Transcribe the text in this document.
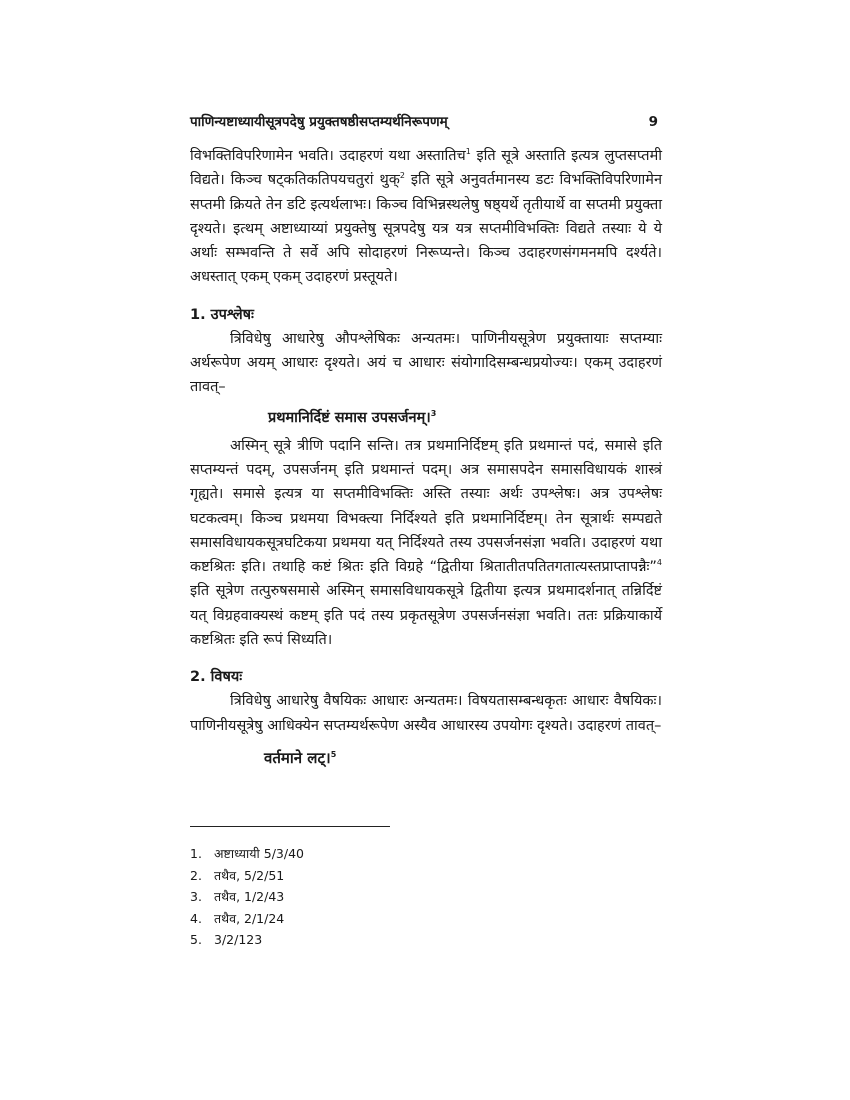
पाणिन्यष्टाध्यायीसूत्रपदेषु प्रयुक्तषष्ठीसप्तम्यर्थनिरूपणम्	9

विभक्तिविपरिणामेन भवति। उदाहरणं यथा अस्तातिच$^1$ इति सूत्रे अस्ताति इत्यत्र लुप्तसप्तमी विद्यते। किञ्च षट्कतिकतिपयचतुरां थुक्$^2$ इति सूत्रे अनुवर्तमानस्य डटः विभक्तिविपरिणामेन सप्तमी क्रियते तेन डटि इत्यर्थलाभः। किञ्च विभिन्नस्थलेषु षष्ठ्यर्थे तृतीयार्थे वा सप्तमी प्रयुक्ता दृश्यते। इत्थम् अष्टाध्याय्यां प्रयुक्तेषु सूत्रपदेषु यत्र यत्र सप्तमीविभक्तिः विद्यते तस्याः ये ये अर्थाः सम्भवन्ति ते सर्वे अपि सोदाहरणं निरूप्यन्ते। किञ्च उदाहरणसंगमनमपि दर्श्यते। अधस्तात् एकम् एकम् उदाहरणं प्रस्तूयते।

1. उपश्लेषः

त्रिविधेषु आधारेषु औपश्लेषिकः अन्यतमः। पाणिनीयसूत्रेण प्रयुक्तायाः सप्तम्याः अर्थरूपेण अयम् आधारः दृश्यते। अयं च आधारः संयोगादिसम्बन्धप्रयोज्यः। एकम् उदाहरणं तावत्–

प्रथमानिर्दिष्टं समास उपसर्जनम्।$^3$

अस्मिन् सूत्रे त्रीणि पदानि सन्ति। तत्र प्रथमानिर्दिष्टम् इति प्रथमान्तं पदं, समासे इति सप्तम्यन्तं पदम्, उपसर्जनम् इति प्रथमान्तं पदम्। अत्र समासपदेन समासविधायकं शास्त्रं गृह्यते। समासे इत्यत्र या सप्तमीविभक्तिः अस्ति तस्याः अर्थः उपश्लेषः। अत्र उपश्लेषः घटकत्वम्। किञ्च प्रथमया विभक्त्या निर्दिश्यते इति प्रथमानिर्दिष्टम्। तेन सूत्रार्थः सम्पद्यते समासविधायकसूत्रघटिकया प्रथमया यत् निर्दिश्यते तस्य उपसर्जनसंज्ञा भवति। उदाहरणं यथा कष्टश्रितः इति। तथाहि कष्टं श्रितः इति विग्रहे “द्वितीया श्रितातीतपतितगतात्यस्तप्राप्तापन्नैः”$^4$ इति सूत्रेण तत्पुरुषसमासे अस्मिन् समासविधायकसूत्रे द्वितीया इत्यत्र प्रथमादर्शनात् तन्निर्दिष्टं यत् विग्रहवाक्यस्थं कष्टम् इति पदं तस्य प्रकृतसूत्रेण उपसर्जनसंज्ञा भवति। ततः प्रक्रियाकार्ये कष्टश्रितः इति रूपं सिध्यति।

2. विषयः

त्रिविधेषु आधारेषु वैषयिकः आधारः अन्यतमः। विषयतासम्बन्धकृतः आधारः वैषयिकः। पाणिनीयसूत्रेषु आधिक्येन सप्तम्यर्थरूपेण अस्यैव आधारस्य उपयोगः दृश्यते। उदाहरणं तावत्–

वर्तमाने लट्।$^5$
1. अष्टाध्यायी 5/3/40
2. तथैव, 5/2/51
3. तथैव, 1/2/43
4. तथैव, 2/1/24
5. 3/2/123
